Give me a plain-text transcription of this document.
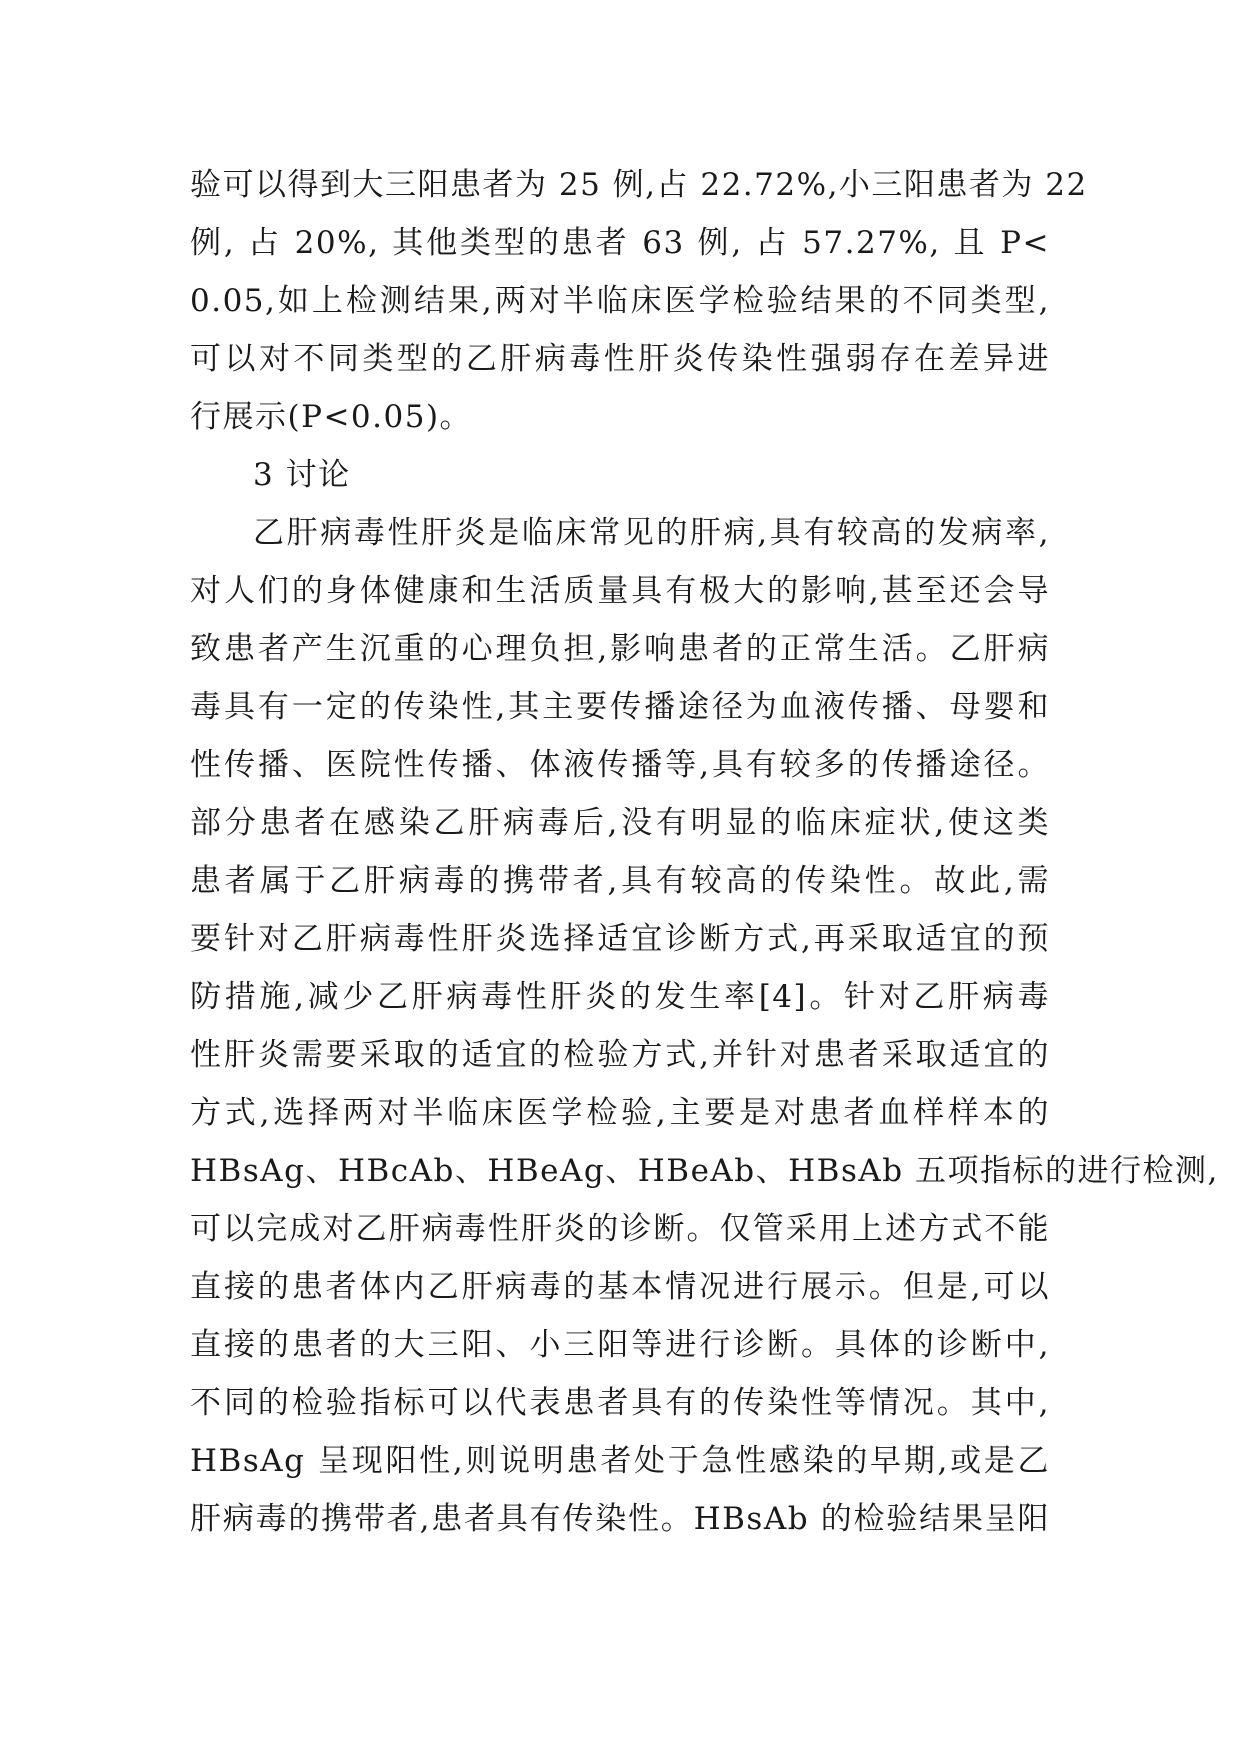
验可以得到大三阳患者为 25 例,占 22.72%,小三阳患者为 22
例, 占 20%, 其他类型的患者 63 例, 占 57.27%, 且 P<
0.05,如上检测结果,两对半临床医学检验结果的不同类型,
可以对不同类型的乙肝病毒性肝炎传染性强弱存在差异进
行展示(P<0.05)。
3 讨论
乙肝病毒性肝炎是临床常见的肝病,具有较高的发病率,
对人们的身体健康和生活质量具有极大的影响,甚至还会导
致患者产生沉重的心理负担,影响患者的正常生活。乙肝病
毒具有一定的传染性,其主要传播途径为血液传播、母婴和
性传播、医院性传播、体液传播等,具有较多的传播途径。
部分患者在感染乙肝病毒后,没有明显的临床症状,使这类
患者属于乙肝病毒的携带者,具有较高的传染性。故此,需
要针对乙肝病毒性肝炎选择适宜诊断方式,再采取适宜的预
防措施,减少乙肝病毒性肝炎的发生率[4]。针对乙肝病毒
性肝炎需要采取的适宜的检验方式,并针对患者采取适宜的
方式,选择两对半临床医学检验,主要是对患者血样样本的
HBsAg、HBcAb、HBeAg、HBeAb、HBsAb 五项指标的进行检测,
可以完成对乙肝病毒性肝炎的诊断。仅管采用上述方式不能
直接的患者体内乙肝病毒的基本情况进行展示。但是,可以
直接的患者的大三阳、小三阳等进行诊断。具体的诊断中,
不同的检验指标可以代表患者具有的传染性等情况。其中,
HBsAg 呈现阳性,则说明患者处于急性感染的早期,或是乙
肝病毒的携带者,患者具有传染性。HBsAb 的检验结果呈阳
